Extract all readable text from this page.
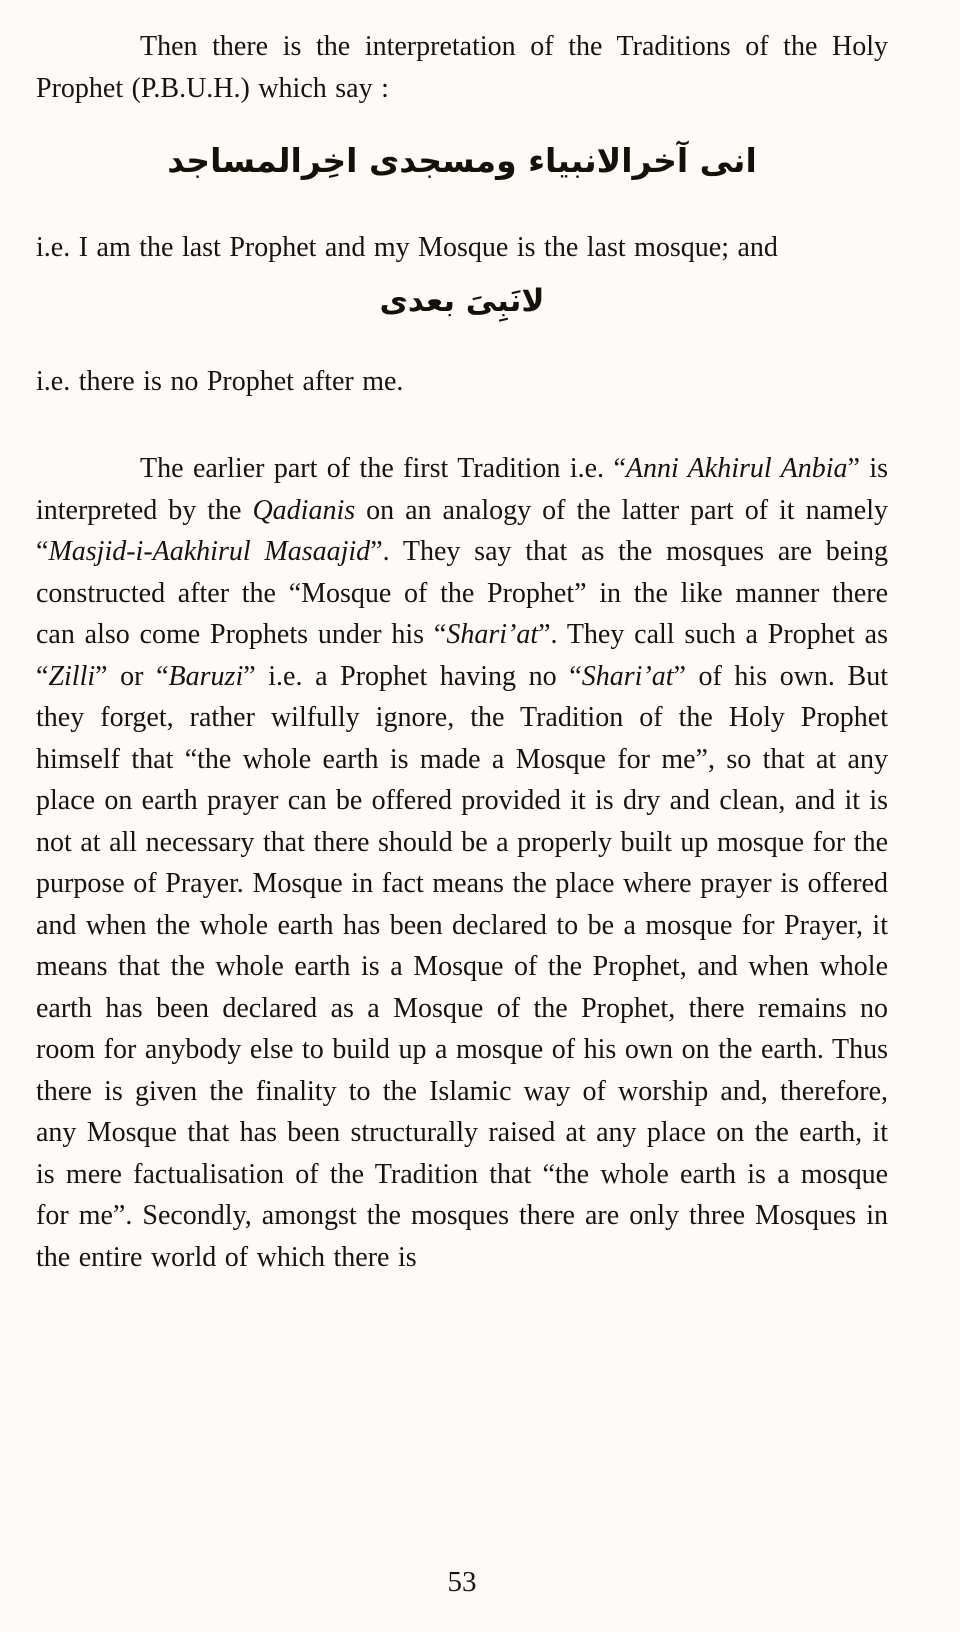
Then there is the interpretation of the Traditions of the Holy Prophet (P.B.U.H.) which say :

انى آخرالانبياء ومسجدى اخِرالمساجد

i.e. I am the last Prophet and my Mosque is the last mosque; and

لانَبِىَ بعدى

i.e. there is no Prophet after me.

The earlier part of the first Tradition i.e. “Anni Akhirul Anbia” is interpreted by the Qadianis on an analogy of the latter part of it namely “Masjid-i-Aakhirul Masaajid”. They say that as the mosques are being constructed after the “Mosque of the Prophet” in the like manner there can also come Prophets under his “Shari’at”. They call such a Prophet as “Zilli” or “Baruzi” i.e. a Prophet having no “Shari’at” of his own. But they forget, rather wilfully ignore, the Tradition of the Holy Prophet himself that “the whole earth is made a Mosque for me”, so that at any place on earth prayer can be offered provided it is dry and clean, and it is not at all necessary that there should be a properly built up mosque for the purpose of Prayer. Mosque in fact means the place where prayer is offered and when the whole earth has been declared to be a mosque for Prayer, it means that the whole earth is a Mosque of the Prophet, and when whole earth has been declared as a Mosque of the Prophet, there remains no room for anybody else to build up a mosque of his own on the earth. Thus there is given the finality to the Islamic way of worship and, therefore, any Mosque that has been structurally raised at any place on the earth, it is mere factualisation of the Tradition that “the whole earth is a mosque for me”. Secondly, amongst the mosques there are only three Mosques in the entire world of which there is

53
